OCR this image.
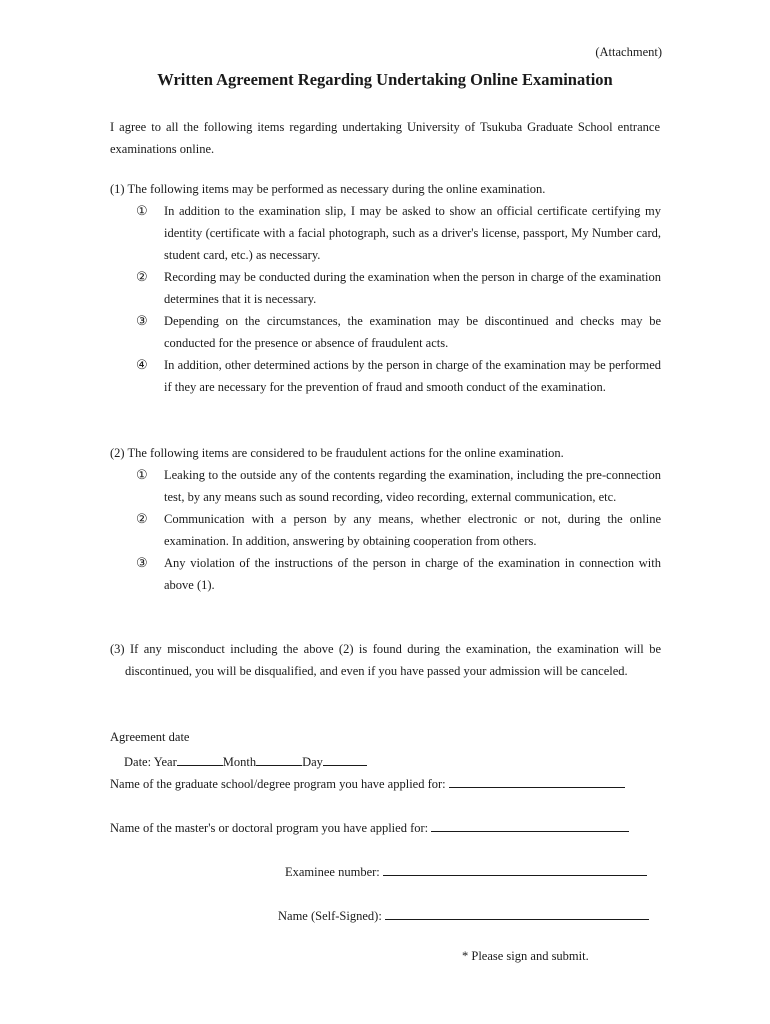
(Attachment)
Written Agreement Regarding Undertaking Online Examination
I agree to all the following items regarding undertaking University of Tsukuba Graduate School entrance examinations online.
(1) The following items may be performed as necessary during the online examination.
① In addition to the examination slip, I may be asked to show an official certificate certifying my identity (certificate with a facial photograph, such as a driver's license, passport, My Number card, student card, etc.) as necessary.
② Recording may be conducted during the examination when the person in charge of the examination determines that it is necessary.
③ Depending on the circumstances, the examination may be discontinued and checks may be conducted for the presence or absence of fraudulent acts.
④ In addition, other determined actions by the person in charge of the examination may be performed if they are necessary for the prevention of fraud and smooth conduct of the examination.
(2) The following items are considered to be fraudulent actions for the online examination.
① Leaking to the outside any of the contents regarding the examination, including the pre-connection test, by any means such as sound recording, video recording, external communication, etc.
② Communication with a person by any means, whether electronic or not, during the online examination. In addition, answering by obtaining cooperation from others.
③ Any violation of the instructions of the person in charge of the examination in connection with above (1).
(3) If any misconduct including the above (2) is found during the examination, the examination will be discontinued, you will be disqualified, and even if you have passed your admission will be canceled.
Agreement date
Date: Year	Month	Day
Name of the graduate school/degree program you have applied for:
Name of the master's or doctoral program you have applied for:
Examinee number:
Name (Self-Signed):
* Please sign and submit.
